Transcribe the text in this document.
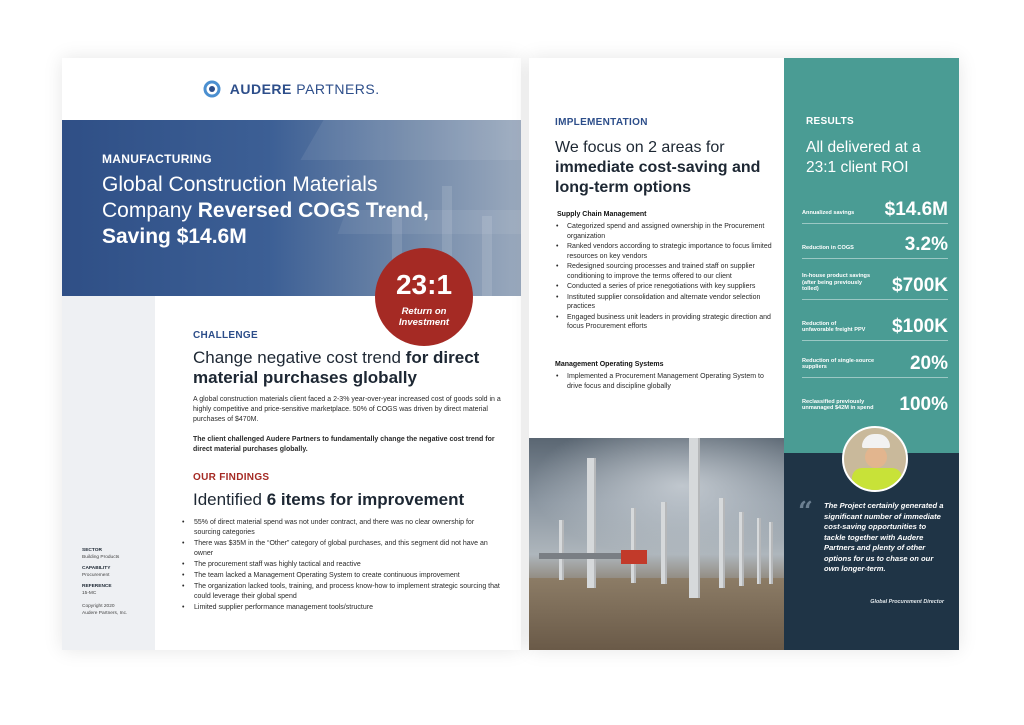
AUDERE PARTNERS.
MANUFACTURING
Global Construction Materials
Company Reversed COGS Trend,
Saving $14.6M
23:1
Return on Investment
CHALLENGE
Change negative cost trend for direct material purchases globally

A global construction materials client faced a 2-3% year-over-year increased cost of goods sold in a highly competitive and price-sensitive marketplace. 50% of COGS was driven by direct material purchases of $470M.

The client challenged Audere Partners to fundamentally change the negative cost trend for direct material purchases globally.

OUR FINDINGS
Identified 6 items for improvement
• 55% of direct material spend was not under contract, and there was no clear ownership for sourcing categories
• There was $35M in the “Other” category of global purchases, and this segment did not have an owner
• The procurement staff was highly tactical and reactive
• The team lacked a Management Operating System to create continuous improvement
• The organization lacked tools, training, and process know-how to implement strategic sourcing that could leverage their global spend
• Limited supplier performance management tools/structure
SECTOR
Building Products
CAPABILITY
Procurement
REFERENCE
15-MC
Copyright 2020
Audere Partners, Inc.
IMPLEMENTATION
We focus on 2 areas for immediate cost-saving and long-term options
Supply Chain Management
• Categorized spend and assigned ownership in the Procurement organization
• Ranked vendors according to strategic importance to focus limited resources on key vendors
• Redesigned sourcing processes and trained staff on supplier conditioning to improve the terms offered to our client
• Conducted a series of price renegotiations with key suppliers
• Instituted supplier consolidation and alternate vendor selection practices
• Engaged business unit leaders in providing strategic direction and focus Procurement efforts
Management Operating Systems
• Implemented a Procurement Management Operating System to drive focus and discipline globally
RESULTS
All delivered at a 23:1 client ROI
Annualized savings	$14.6M
Reduction in COGS	3.2%
In-house product savings (after being previously tolled)	$700K
Reduction of unfavorable freight PPV $100K
Reduction of single-source suppliers	20%
Reclassified previously unmanaged $42M in spend 100%
“ The Project certainly generated a significant number of immediate cost-saving opportunities to tackle together with Audere Partners and plenty of other options for us to chase on our own longer-term.
Global Procurement Director
